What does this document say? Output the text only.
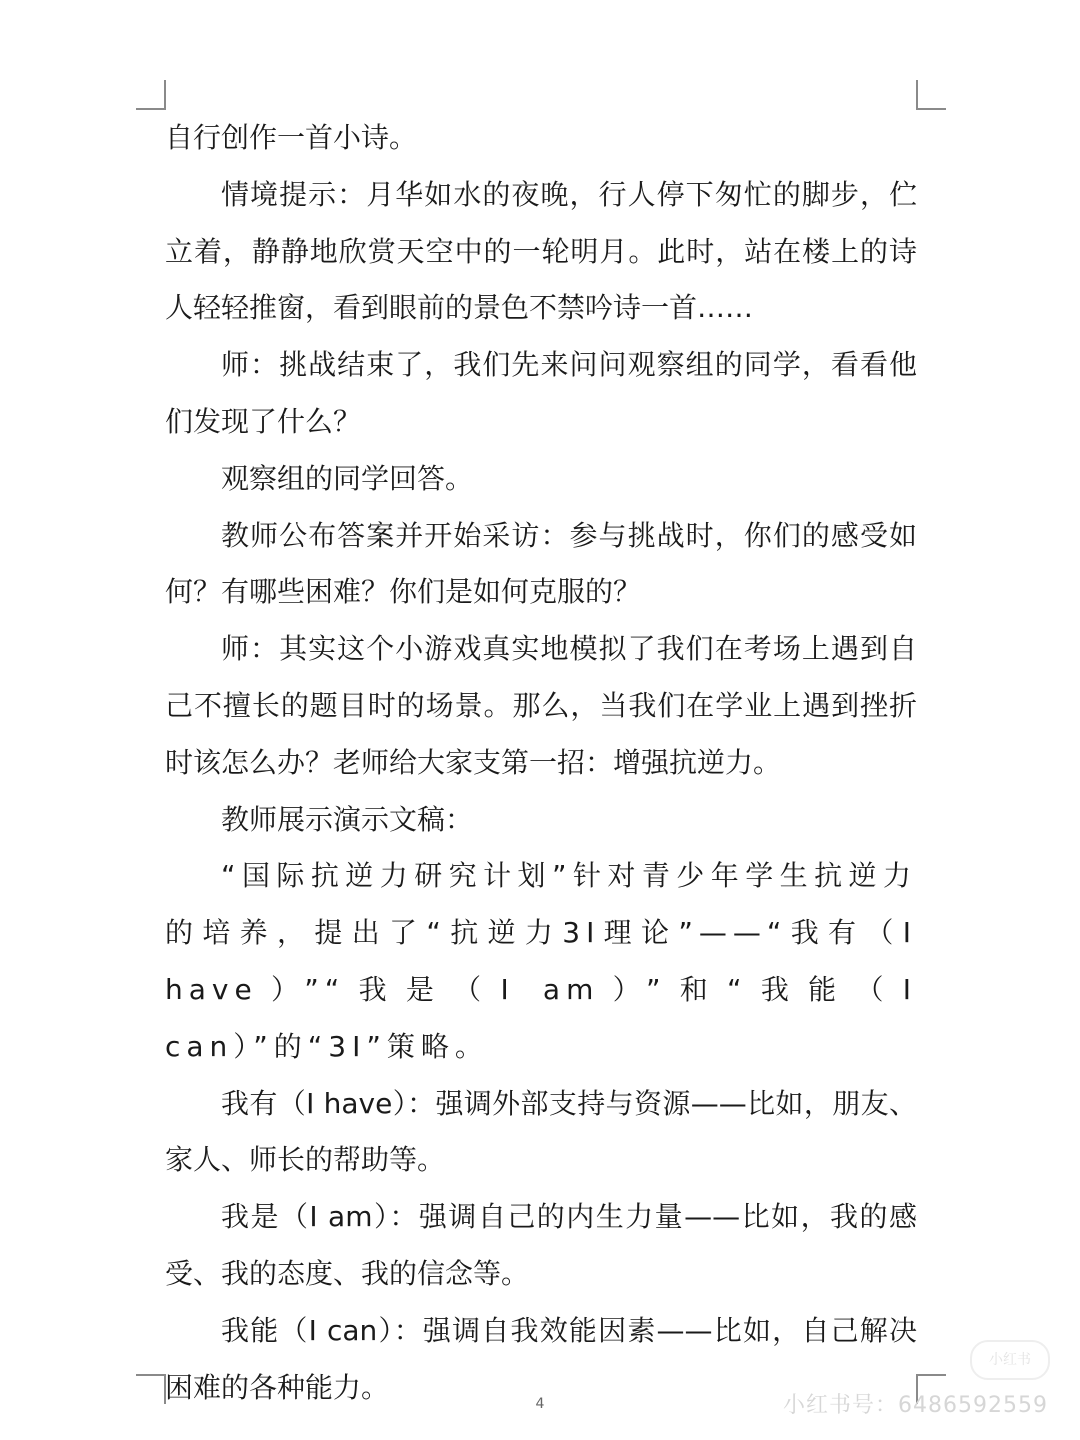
自行创作一首小诗。

情境提示：月华如水的夜晚，行人停下匆忙的脚步，伫立着，静静地欣赏天空中的一轮明月。此时，站在楼上的诗人轻轻推窗，看到眼前的景色不禁吟诗一首……

师：挑战结束了，我们先来问问观察组的同学，看看他们发现了什么？

观察组的同学回答。

教师公布答案并开始采访：参与挑战时，你们的感受如何？有哪些困难？你们是如何克服的？

师：其实这个小游戏真实地模拟了我们在考场上遇到自己不擅长的题目时的场景。那么，当我们在学业上遇到挫折时该怎么办？老师给大家支第一招：增强抗逆力。

教师展示演示文稿：

“国际抗逆力研究计划”针对青少年学生抗逆力的培养，提出了“抗逆力3I理论”——“我有（I have）”“我是（I am）”和“我能（I can）”的“3I”策略。

我有（I have）：强调外部支持与资源——比如，朋友、家人、师长的帮助等。

我是（I am）：强调自己的内生力量——比如，我的感受、我的态度、我的信念等。

我能（I can）：强调自我效能因素——比如，自己解决困难的各种能力。

4
小红书
小红书号：6486592559
